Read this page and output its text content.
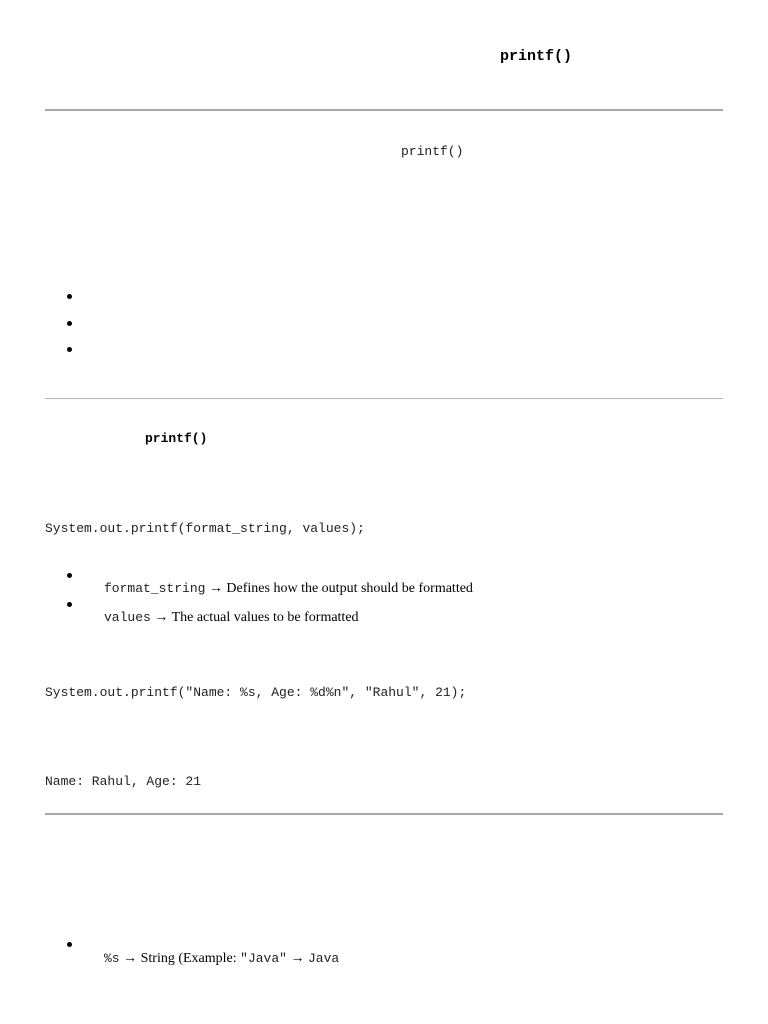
printf()
printf()
printf()
System.out.printf(format_string, values);

format_string → Defines how the output should be formatted

values → The actual values to be formatted

System.out.printf("Name: %s, Age: %d%n", "Rahul", 21);
Name: Rahul, Age: 21

%s → String (Example: "Java" → Java
